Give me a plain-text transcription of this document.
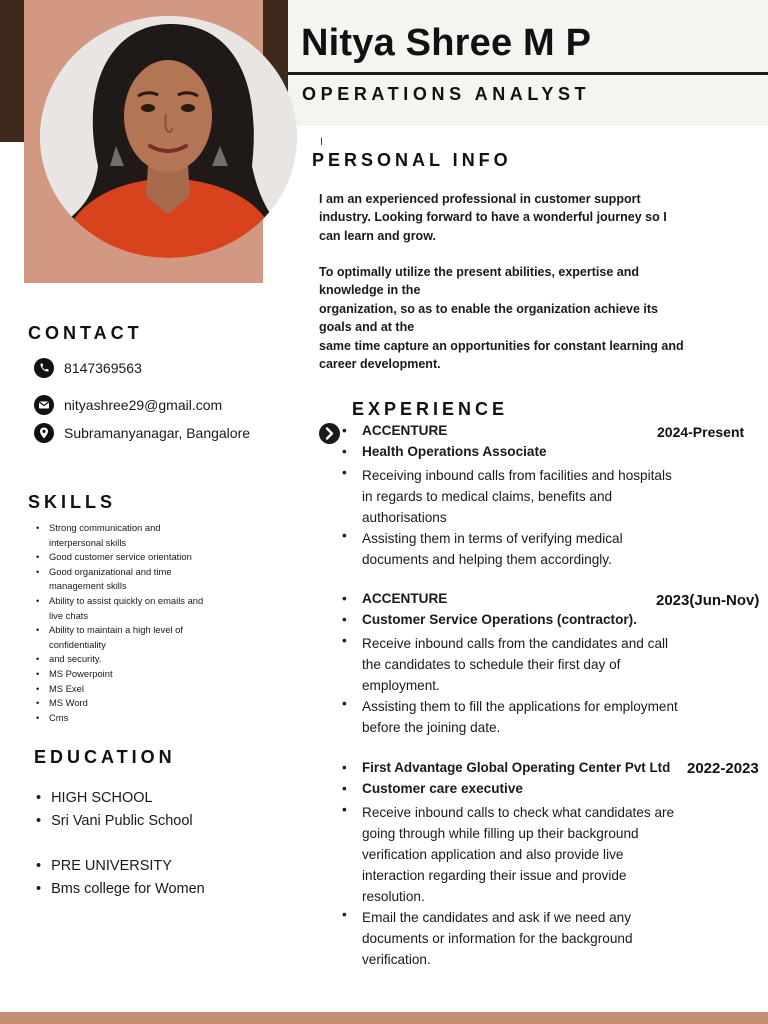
Nitya Shree M P
OPERATIONS ANALYST
I
PERSONAL INFO

I am an experienced professional in customer support
industry. Looking forward to have a wonderful journey so I
can learn and grow.

To optimally utilize the present abilities, expertise and
knowledge in the
organization, so as to enable the organization achieve its
goals and at the
same time capture an opportunities for constant learning and
career development.

CONTACT
8147369563
nityashree29@gmail.com
Subramanyanagar, Bangalore
SKILLS
• Strong communication and
interpersonal skills
• Good customer service orientation
• Good organizational and time
management skills
• Ability to assist quickly on emails and
live chats
• Ability to maintain a high level of
confidentiality
• and security.
• MS Powerpoint
• MS Exel
• MS Word
• Cms
EDUCATION
• HIGH SCHOOL
• Sri Vani Public School
• PRE UNIVERSITY
• Bms college for Women
EXPERIENCE
•	ACCENTURE	2024-Present
•	Health Operations Associate
•	Receiving inbound calls from facilities and hospitals
in regards to medical claims, benefits and
authorisations
•	Assisting them in terms of verifying medical
documents and helping them accordingly.
•	ACCENTURE	2023(Jun-Nov)
•	Customer Service Operations (contractor).
•	Receive inbound calls from the candidates and call
the candidates to schedule their first day of
employment.
•	Assisting them to fill the applications for employment
before the joining date.
•	First Advantage Global Operating Center Pvt Ltd 2022-2023
•	Customer care executive
•	Receive inbound calls to check what candidates are
going through while filling up their background
verification application and also provide live
interaction regarding their issue and provide
resolution.
•	Email the candidates and ask if we need any
documents or information for the background
verification.
